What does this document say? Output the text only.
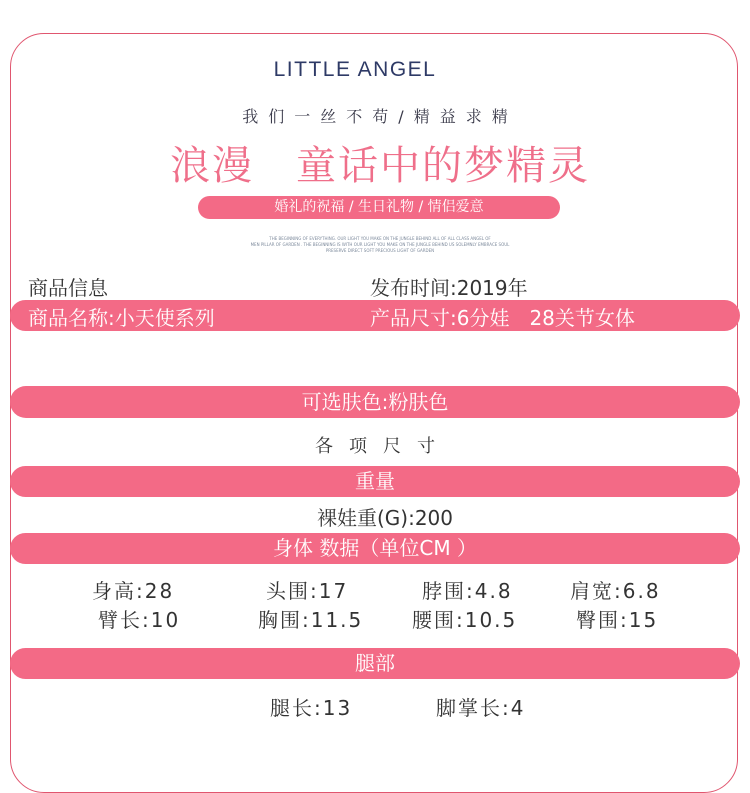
LITTLE ANGEL
我们一丝不苟/精益求精
浪漫　童话中的梦精灵
婚礼的祝福 / 生日礼物 / 情侣爱意
THE BEGINNING OF EVERYTHING. OUR LIGHT YOU MAKE ON THE JUNGLE BEHIND ALL OF ALL CLASS ANGEL OF
MEN PILLAR OF GARDEN . THE BEGINNING IS WITH OUR LIGHT YOU MAKE ON THE JUNGLE BEHIND US SOLEMNLY EMBRACE SOUL
PRESERVE DIRECT SOFT PRECIOUS LIGHT OF GARDEN
商品信息	发布时间:2019年
商品名称:小天使系列	产品尺寸:6分娃　28关节女体
可选肤色:粉肤色
各项尺寸
重量
裸娃重(G):200
身体 数据（单位CM ）
身高:28	头围:17	脖围:4.8	肩宽:6.8
臂长:10	胸围:11.5 腰围:10.5	臀围:15
腿部
腿长:13	脚掌长:4
